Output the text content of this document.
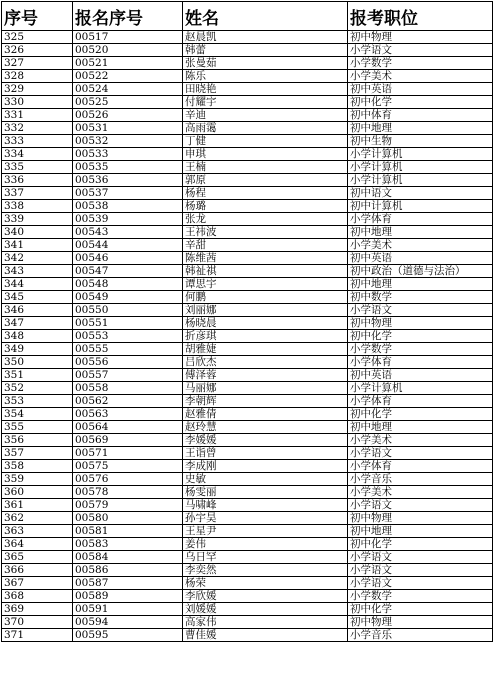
序号	报名序号	姓名	报考职位
325	00517	赵晨凯	初中物理
326	00520	韩蕾	小学语文
327	00521	张曼茹	小学数学
328	00522	陈乐	小学美术
329	00524	田晓艳	初中英语
330	00525	付耀宇	初中化学
331	00526	辛迪	初中体育
332	00531	高雨霭	初中地理
333	00532	丁健	初中生物
334	00533	申琪	小学计算机
335	00535	王楠	小学计算机
336	00536	郭原	小学计算机
337	00537	杨程	初中语文
338	00538	杨璐	初中计算机
339	00539	张龙	小学体育
340	00543	王祎波	初中地理
341	00544	辛甜	小学美术
342	00546	陈维茜	初中英语
343	00547	韩祉祺	初中政治（道德与法治）
344	00548	谭思宇	初中地理
345	00549	何鹏	初中数学
346	00550	刘丽娜	小学语文
347	00551	杨晓晨	初中物理
348	00553	折彦琪	初中化学
349	00555	胡雅婕	小学数学
350	00556	吕欣杰	小学体育
351	00557	傅泽蓉	初中英语
352	00558	马丽娜	小学计算机
353	00562	李朝辉	小学体育
354	00563	赵雅倩	初中化学
355	00564	赵玲慧	初中地理
356	00569	李媛媛	小学美术
357	00571	王诣曾	小学语文
358	00575	李成刚	小学体育
359	00576	史敏	小学音乐
360	00578	杨雯丽	小学美术
361	00579	马啸峰	小学语文
362	00580	孙宇昊	初中物理
363	00581	王星尹	初中地理
364	00583	姜伟	初中化学
365	00584	乌日罕	小学语文
366	00586	李奕然	小学语文
367	00587	杨荣	小学语文
368	00589	李欣媛	小学数学
369	00591	刘媛媛	初中化学
370	00594	高家伟	初中物理
371	00595	曹佳媛	小学音乐
